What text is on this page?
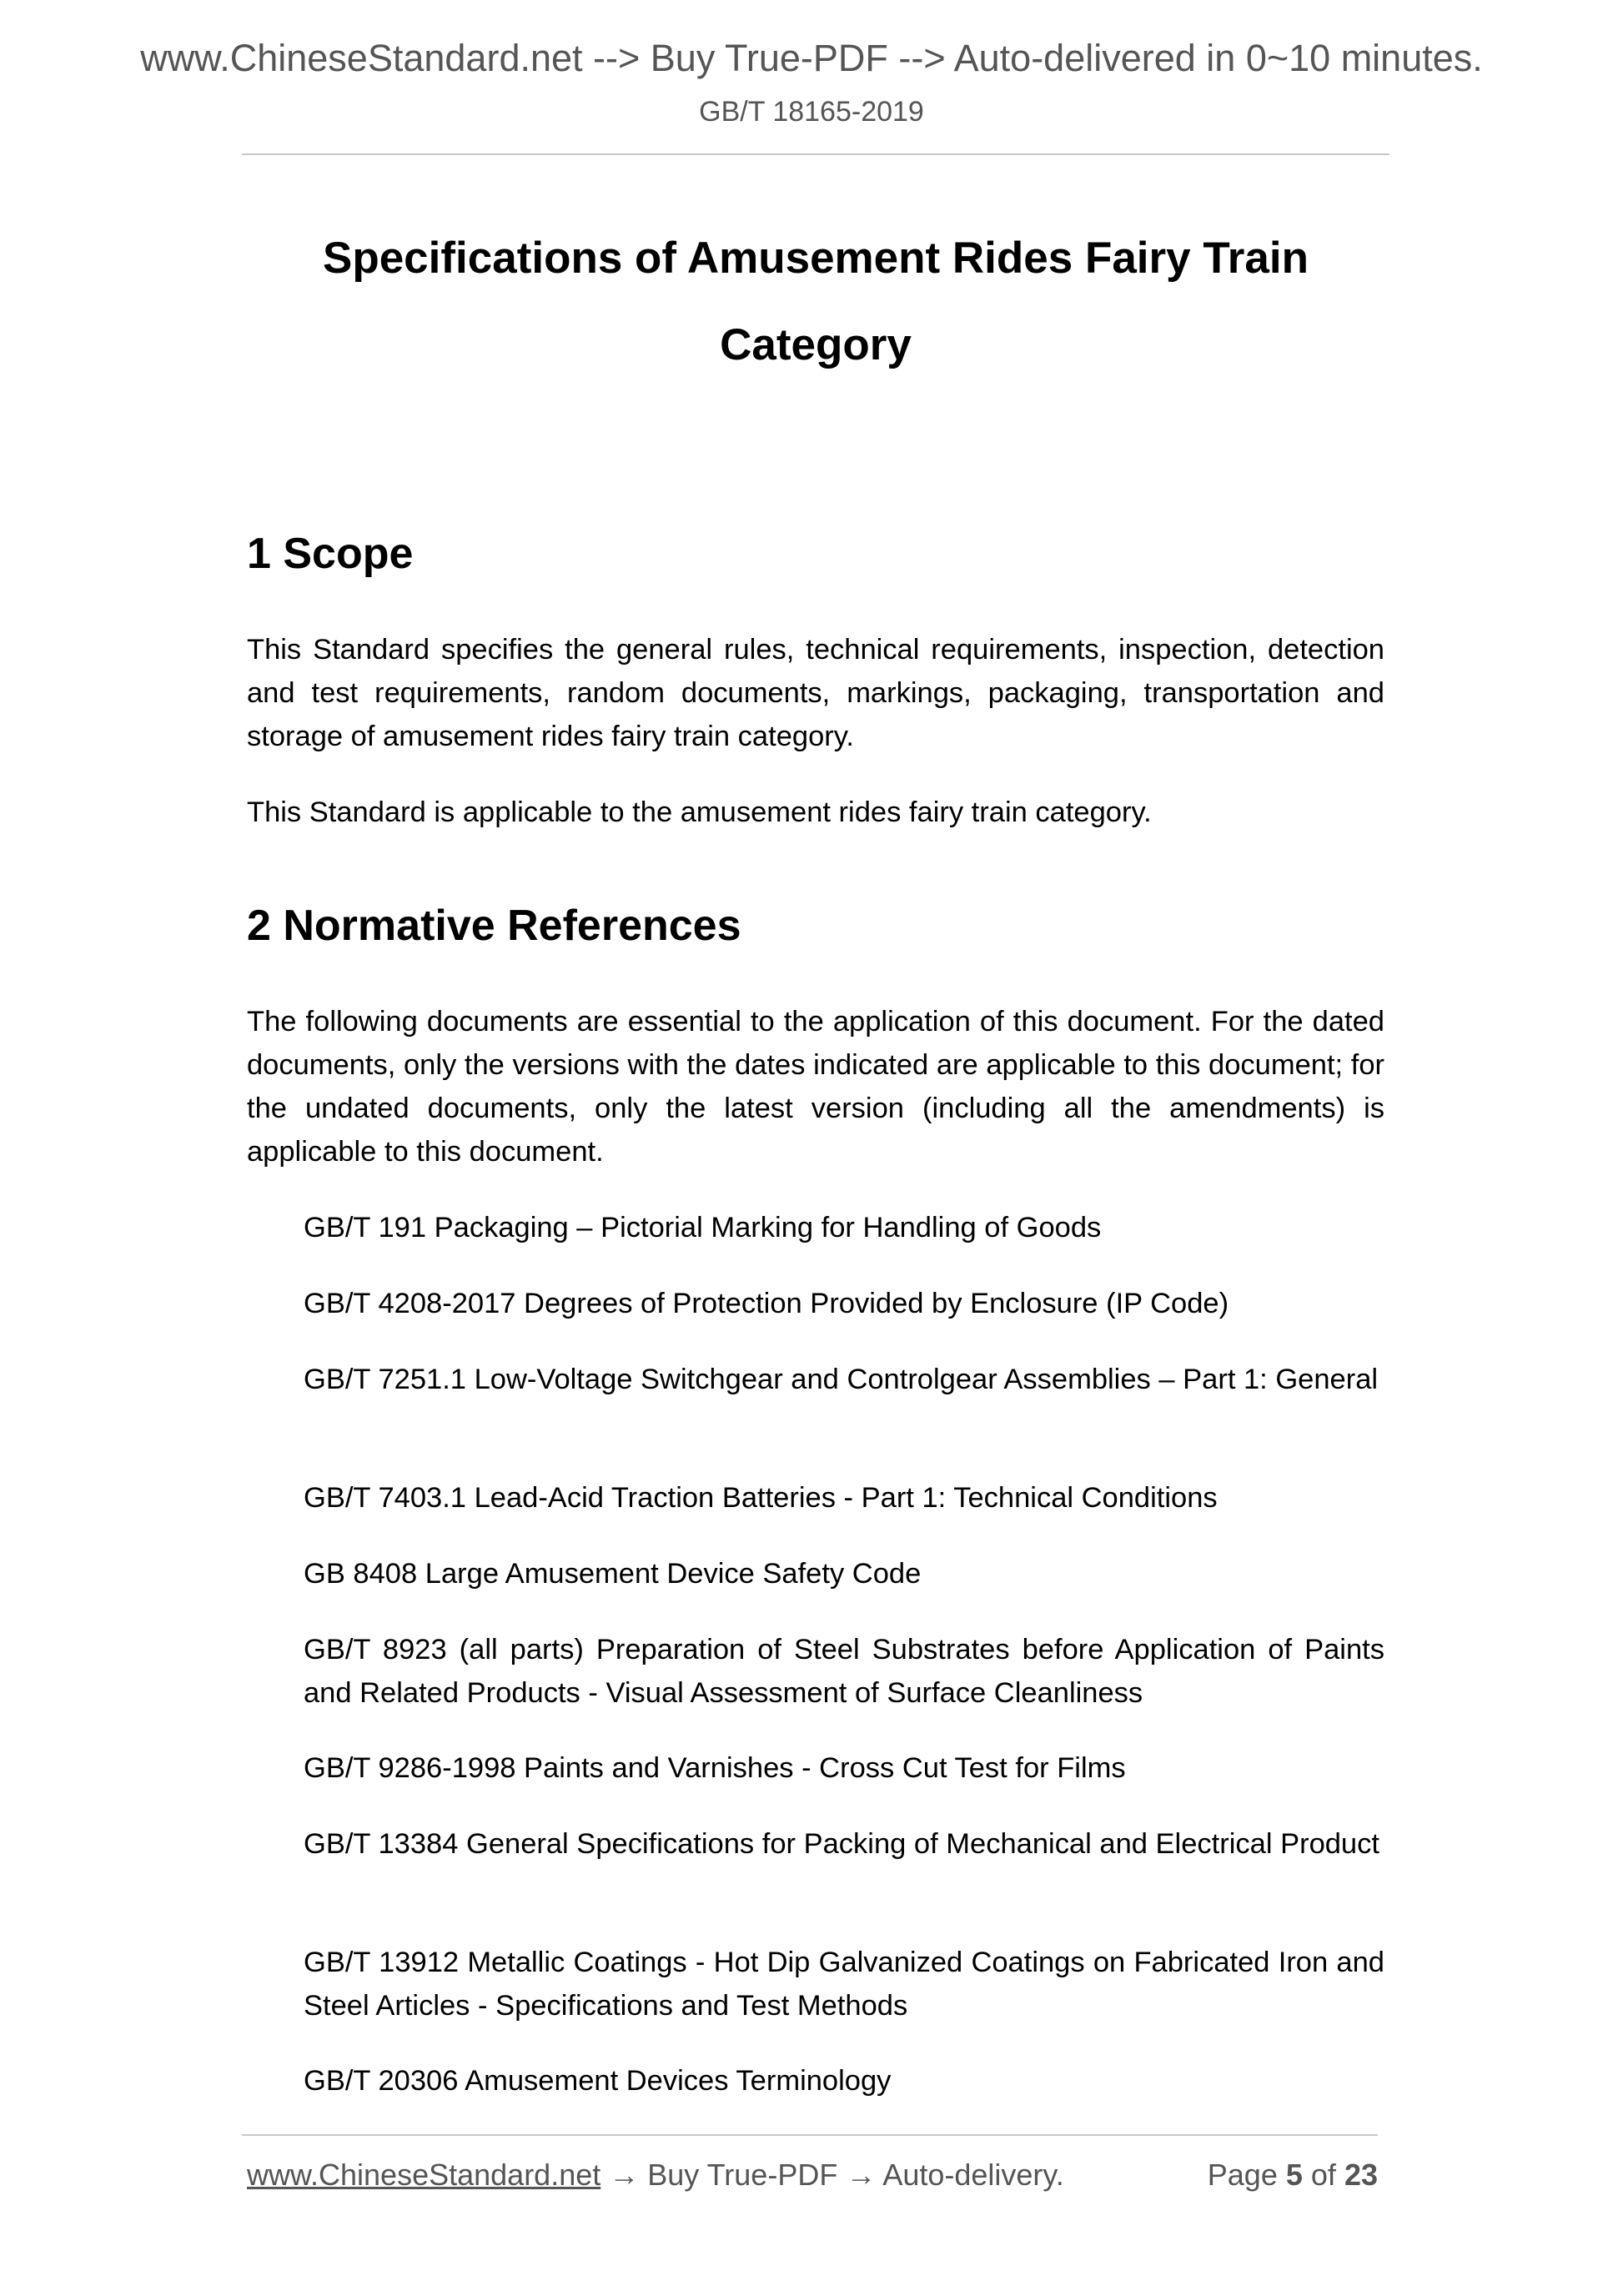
www.ChineseStandard.net --> Buy True-PDF --> Auto-delivered in 0~10 minutes.
GB/T 18165-2019
Specifications of Amusement Rides Fairy Train
Category
1 Scope
This Standard specifies the general rules, technical requirements, inspection, detection and test requirements, random documents, markings, packaging, transportation and storage of amusement rides fairy train category.
This Standard is applicable to the amusement rides fairy train category.
2 Normative References
The following documents are essential to the application of this document. For the dated documents, only the versions with the dates indicated are applicable to this document; for the undated documents, only the latest version (including all the amendments) is applicable to this document.
GB/T 191 Packaging – Pictorial Marking for Handling of Goods
GB/T 4208-2017 Degrees of Protection Provided by Enclosure (IP Code)
GB/T 7251.1 Low-Voltage Switchgear and Controlgear Assemblies – Part 1: General
GB/T 7403.1 Lead-Acid Traction Batteries - Part 1: Technical Conditions
GB 8408 Large Amusement Device Safety Code
GB/T 8923 (all parts) Preparation of Steel Substrates before Application of Paints and Related Products - Visual Assessment of Surface Cleanliness
GB/T 9286-1998 Paints and Varnishes - Cross Cut Test for Films
GB/T 13384 General Specifications for Packing of Mechanical and Electrical Product
GB/T 13912 Metallic Coatings - Hot Dip Galvanized Coatings on Fabricated Iron and Steel Articles - Specifications and Test Methods
GB/T 20306 Amusement Devices Terminology
www.ChineseStandard.net → Buy True-PDF → Auto-delivery.	Page 5 of 23
